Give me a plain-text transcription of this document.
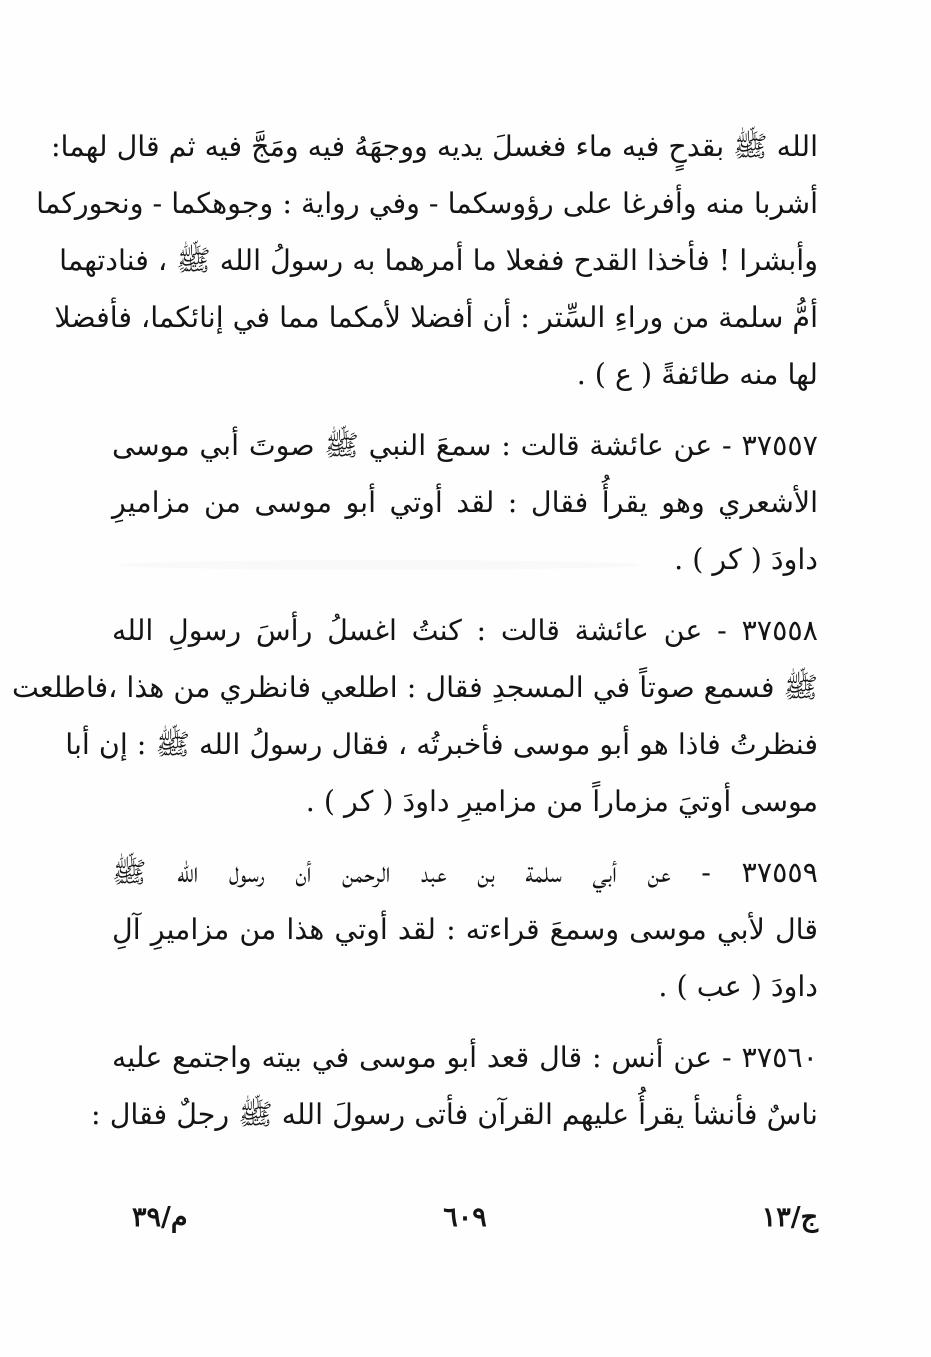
الله ﷺ بقدحٍ فيه ماء فغسلَ يديه ووجهَهُ فيه ومَجَّ فيه ثم قال لهما:
أشربا منه وأفرغا على رؤوسكما - وفي رواية : وجوهكما - ونحوركما
وأبشرا ! فأخذا القدح ففعلا ما أمرهما به رسولُ الله ﷺ ، فنادتهما
أمُّ سلمة من وراءِ السِّتر : أن أفضلا لأمكما مما في إنائكما، فأفضلا
لها منه طائفةً ( ع ) .
٣٧٥٥٧ - عن عائشة قالت : سمعَ النبي ﷺ صوتَ أبي موسى
الأشعري وهو يقرأُ فقال : لقد أوتي أبو موسى من مزاميرِ
داودَ ( كر ) .
٣٧٥٥٨ - عن عائشة قالت : كنتُ اغسلُ رأسَ رسولِ الله
ﷺ فسمع صوتاً في المسجدِ فقال : اطلعي فانظري من هذا ،فاطلعت
فنظرتُ فاذا هو أبو موسى فأخبرتُه ، فقال رسولُ الله ﷺ : إن أبا
موسى أوتيَ مزماراً من مزاميرِ داودَ ( كر ) .
٣٧٥٥٩ - عن أبي سلمة بن عبد الرحمن أن رسول الله ﷺ
قال لأبي موسى وسمعَ قراءته : لقد أوتي هذا من مزاميرِ آلِ
داودَ ( عب ) .
٣٧٥٦٠ - عن أنس : قال قعد أبو موسى في بيته واجتمع عليه
ناسٌ فأنشأ يقرأُ عليهم القرآن فأتى رسولَ الله ﷺ رجلٌ فقال :
ج/١٣
٦٠٩
م/٣٩
